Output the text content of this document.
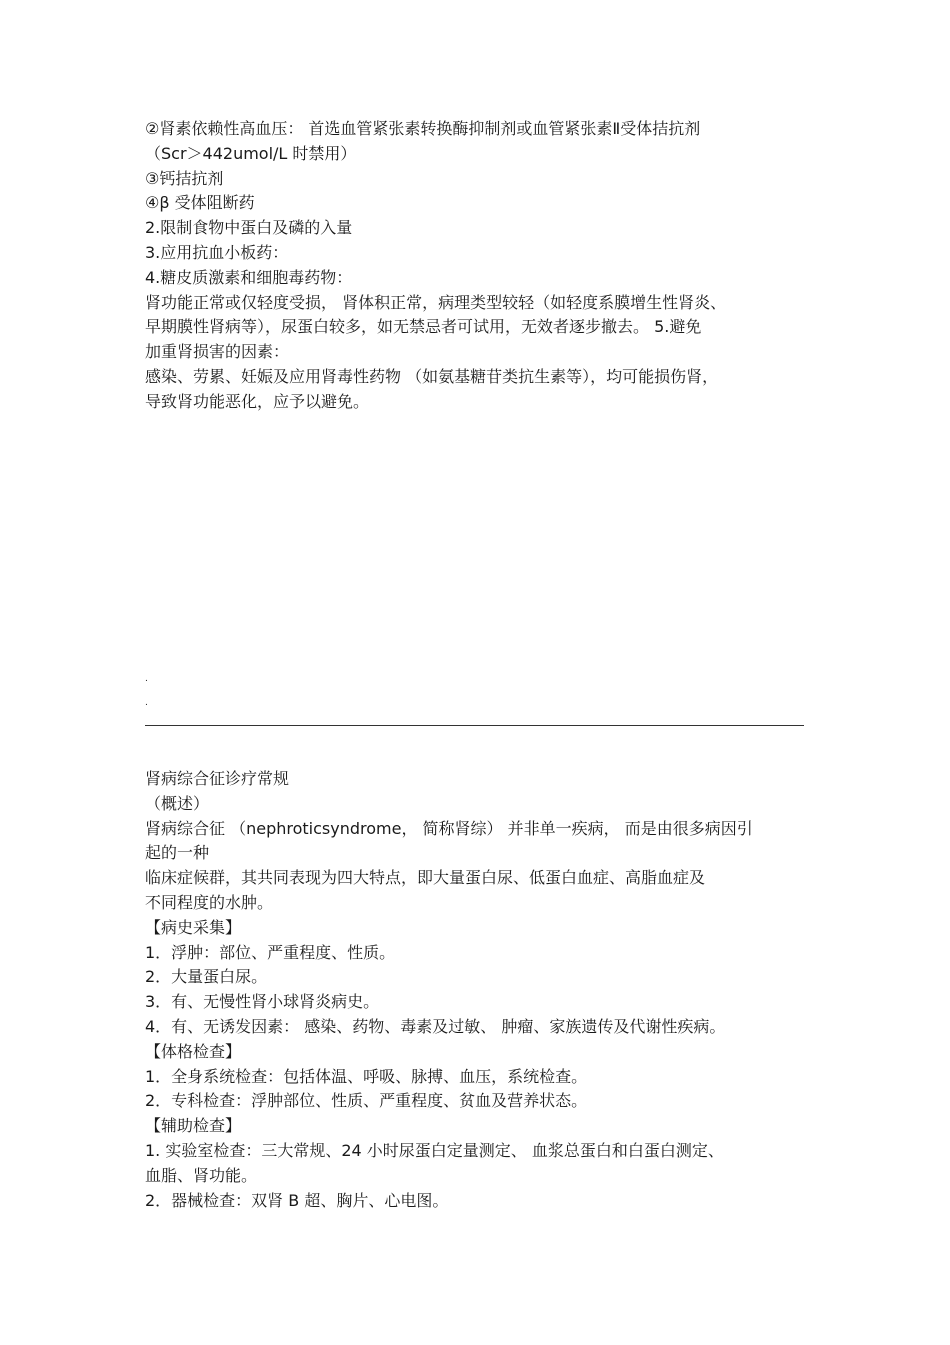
②肾素依赖性高血压： 首选血管紧张素转换酶抑制剂或血管紧张素Ⅱ受体拮抗剂
（Scr＞442umol/L 时禁用）
③钙拮抗剂
④β 受体阻断药
2.限制食物中蛋白及磷的入量
3.应用抗血小板药：
4.糖皮质激素和细胞毒药物：
肾功能正常或仅轻度受损， 肾体积正常，病理类型较轻（如轻度系膜增生性肾炎、
早期膜性肾病等），尿蛋白较多，如无禁忌者可试用，无效者逐步撤去。 5.避免
加重肾损害的因素：
感染、劳累、妊娠及应用肾毒性药物 （如氨基糖苷类抗生素等），均可能损伤肾，
导致肾功能恶化，应予以避免。
.
.
肾病综合征诊疗常规
（概述）
肾病综合征 （nephroticsyndrome， 简称肾综） 并非单一疾病， 而是由很多病因引
起的一种
临床症候群，其共同表现为四大特点，即大量蛋白尿、低蛋白血症、高脂血症及
不同程度的水肿。
【病史采集】
1．浮肿：部位、严重程度、性质。
2．大量蛋白尿。
3．有、无慢性肾小球肾炎病史。
4．有、无诱发因素： 感染、药物、毒素及过敏、 肿瘤、家族遗传及代谢性疾病。
【体格检查】
1．全身系统检查：包括体温、呼吸、脉搏、血压，系统检查。
2．专科检查：浮肿部位、性质、严重程度、贫血及营养状态。
【辅助检查】
1. 实验室检查：三大常规、24 小时尿蛋白定量测定、 血浆总蛋白和白蛋白测定、
血脂、肾功能。
2．器械检查：双肾 B 超、胸片、心电图。
